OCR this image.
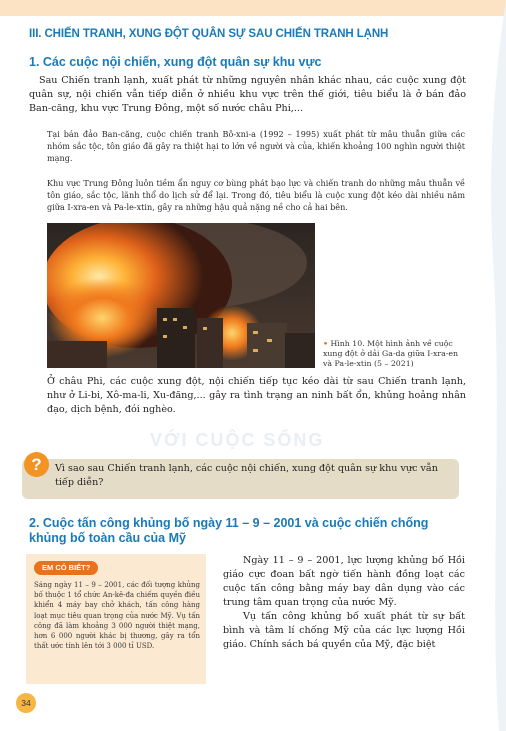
III. CHIẾN TRANH, XUNG ĐỘT QUÂN SỰ SAU CHIẾN TRANH LẠNH
1. Các cuộc nội chiến, xung đột quân sự khu vực
Sau Chiến tranh lạnh, xuất phát từ những nguyên nhân khác nhau, các cuộc xung đột quân sự, nội chiến vẫn tiếp diễn ở nhiều khu vực trên thế giới, tiêu biểu là ở bán đảo Ban-căng, khu vực Trung Đông, một số nước châu Phi,...
Tại bán đảo Ban-căng, cuộc chiến tranh Bô-xni-a (1992 – 1995) xuất phát từ mâu thuẫn giữa các nhóm sắc tộc, tôn giáo đã gây ra thiệt hại to lớn về người và của, khiến khoảng 100 nghìn người thiệt mạng.
Khu vực Trung Đông luôn tiềm ẩn nguy cơ bùng phát bạo lực và chiến tranh do những mâu thuẫn về tôn giáo, sắc tộc, lãnh thổ do lịch sử để lại. Trong đó, tiêu biểu là cuộc xung đột kéo dài nhiều năm giữa I-xra-en và Pa-le-xtin, gây ra những hậu quả nặng nề cho cả hai bên.
• Hình 10. Một hình ảnh về cuộc xung đột ở dải Ga-da giữa I-xra-en và Pa-le-xtin (5 – 2021)
Ở châu Phi, các cuộc xung đột, nội chiến tiếp tục kéo dài từ sau Chiến tranh lạnh, như ở Li-bi, Xô-ma-li, Xu-đăng,... gây ra tình trạng an ninh bất ổn, khủng hoảng nhân đạo, dịch bệnh, đói nghèo.
VỚI CUỘC SỐNG
?	Vì sao sau Chiến tranh lạnh, các cuộc nội chiến, xung đột quân sự khu vực vẫn tiếp diễn?
2. Cuộc tấn công khủng bố ngày 11 – 9 – 2001 và cuộc chiến chống khủng bố toàn cầu của Mỹ
EM CÓ BIẾT?
Sáng ngày 11 – 9 – 2001, các đối tượng khủng bố thuộc 1 tổ chức An-kê-đa chiếm quyền điều khiển 4 máy bay chở khách, tấn công hàng loạt mục tiêu quan trọng của nước Mỹ. Vụ tấn công đã làm khoảng 3 000 người thiệt mạng, hơn 6 000 người khác bị thương, gây ra tổn thất ước tính lên tới 3 000 tỉ USD.
Ngày 11 – 9 – 2001, lực lượng khủng bố Hồi giáo cực đoan bất ngờ tiến hành đồng loạt các cuộc tấn công bằng máy bay dân dụng vào các trung tâm quan trọng của nước Mỹ.
Vụ tấn công khủng bố xuất phát từ sự bất bình và tâm lí chống Mỹ của các lực lượng Hồi giáo. Chính sách bá quyền của Mỹ, đặc biệt
34
